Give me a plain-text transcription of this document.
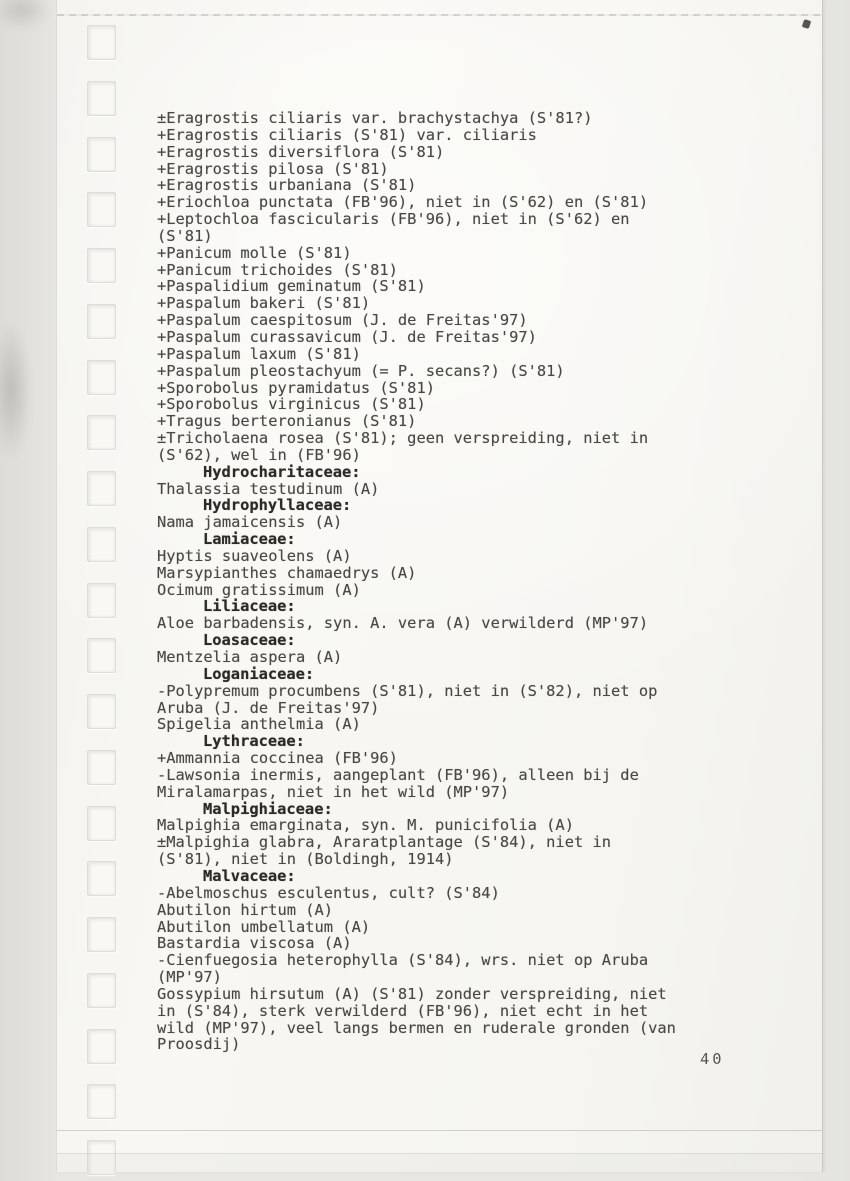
±Eragrostis ciliaris var. brachystachya (S'81?)
+Eragrostis ciliaris (S'81) var. ciliaris
+Eragrostis diversiflora (S'81)
+Eragrostis pilosa (S'81)
+Eragrostis urbaniana (S'81)
+Eriochloa punctata (FB'96), niet in (S'62) en (S'81)
+Leptochloa fascicularis (FB'96), niet in (S'62) en
(S'81)
+Panicum molle (S'81)
+Panicum trichoides (S'81)
+Paspalidium geminatum (S'81)
+Paspalum bakeri (S'81)
+Paspalum caespitosum (J. de Freitas'97)
+Paspalum curassavicum (J. de Freitas'97)
+Paspalum laxum (S'81)
+Paspalum pleostachyum (= P. secans?) (S'81)
+Sporobolus pyramidatus (S'81)
+Sporobolus virginicus (S'81)
+Tragus berteronianus (S'81)
±Tricholaena rosea (S'81); geen verspreiding, niet in
(S'62), wel in (FB'96)
Hydrocharitaceae:
Thalassia testudinum (A)
Hydrophyllaceae:
Nama jamaicensis (A)
Lamiaceae:
Hyptis suaveolens (A)
Marsypianthes chamaedrys (A)
Ocimum gratissimum (A)
Liliaceae:
Aloe barbadensis, syn. A. vera (A) verwilderd (MP'97)
Loasaceae:
Mentzelia aspera (A)
Loganiaceae:
-Polypremum procumbens (S'81), niet in (S'82), niet op
Aruba (J. de Freitas'97)
Spigelia anthelmia (A)
Lythraceae:
+Ammannia coccinea (FB'96)
-Lawsonia inermis, aangeplant (FB'96), alleen bij de
Miralamarpas, niet in het wild (MP'97)
Malpighiaceae:
Malpighia emarginata, syn. M. punicifolia (A)
±Malpighia glabra, Araratplantage (S'84), niet in
(S'81), niet in (Boldingh, 1914)
Malvaceae:
-Abelmoschus esculentus, cult? (S'84)
Abutilon hirtum (A)
Abutilon umbellatum (A)
Bastardia viscosa (A)
-Cienfuegosia heterophylla (S'84), wrs. niet op Aruba
(MP'97)
Gossypium hirsutum (A) (S'81) zonder verspreiding, niet
in (S'84), sterk verwilderd (FB'96), niet echt in het
wild (MP'97), veel langs bermen en ruderale gronden (van
Proosdij)
40
